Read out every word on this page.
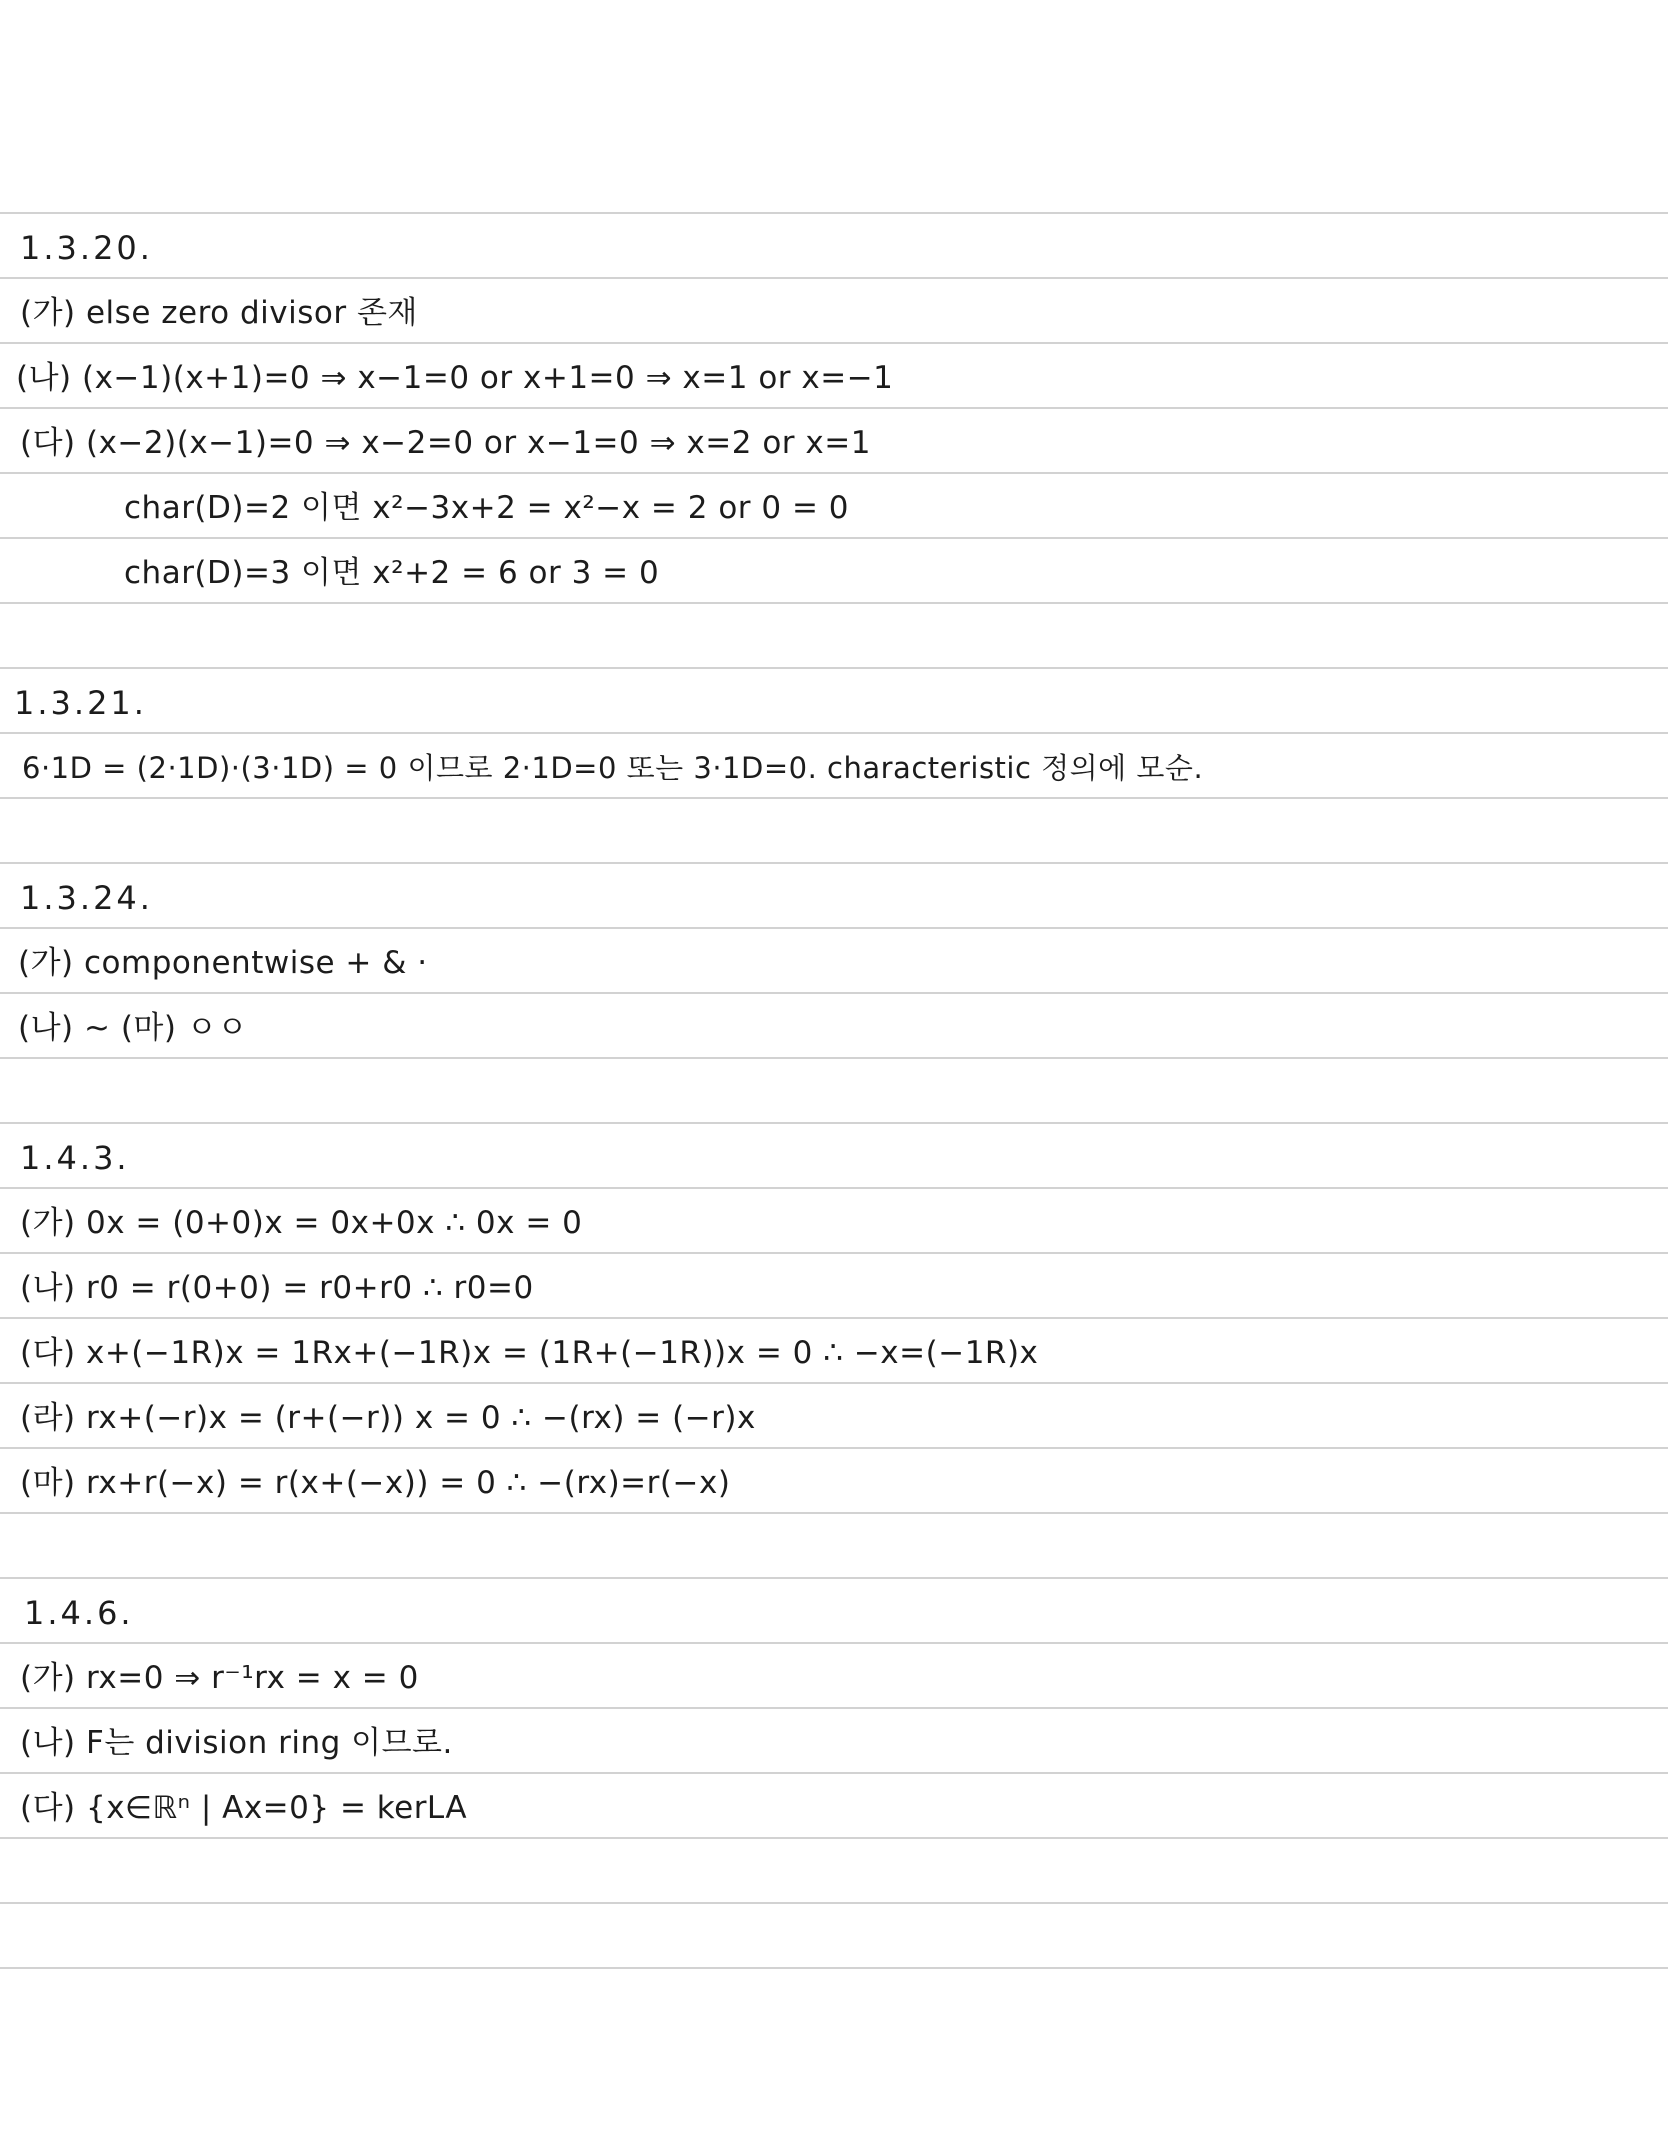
1.3.20.
(가) else zero divisor 존재
(나) (x−1)(x+1)=0 ⇒ x−1=0 or x+1=0 ⇒ x=1 or x=−1
(다) (x−2)(x−1)=0 ⇒ x−2=0 or x−1=0 ⇒ x=2 or x=1
char(D)=2 이면 x²−3x+2 = x²−x = 2 or 0 = 0
char(D)=3 이면 x²+2 = 6 or 3 = 0
1.3.21.
6·1D = (2·1D)·(3·1D) = 0 이므로 2·1D=0 또는 3·1D=0. characteristic 정의에 모순.
1.3.24.
(가) componentwise + & ·
(나) ~ (마) ㅇㅇ
1.4.3.
(가) 0x = (0+0)x = 0x+0x ∴ 0x = 0
(나) r0 = r(0+0) = r0+r0 ∴ r0=0
(다) x+(−1R)x = 1Rx+(−1R)x = (1R+(−1R))x = 0 ∴ −x=(−1R)x
(라) rx+(−r)x = (r+(−r)) x = 0 ∴ −(rx) = (−r)x
(마) rx+r(−x) = r(x+(−x)) = 0 ∴ −(rx)=r(−x)
1.4.6.
(가) rx=0 ⇒ r⁻¹rx = x = 0
(나) F는 division ring 이므로.
(다) {x∈ℝⁿ | Ax=0} = kerLA
